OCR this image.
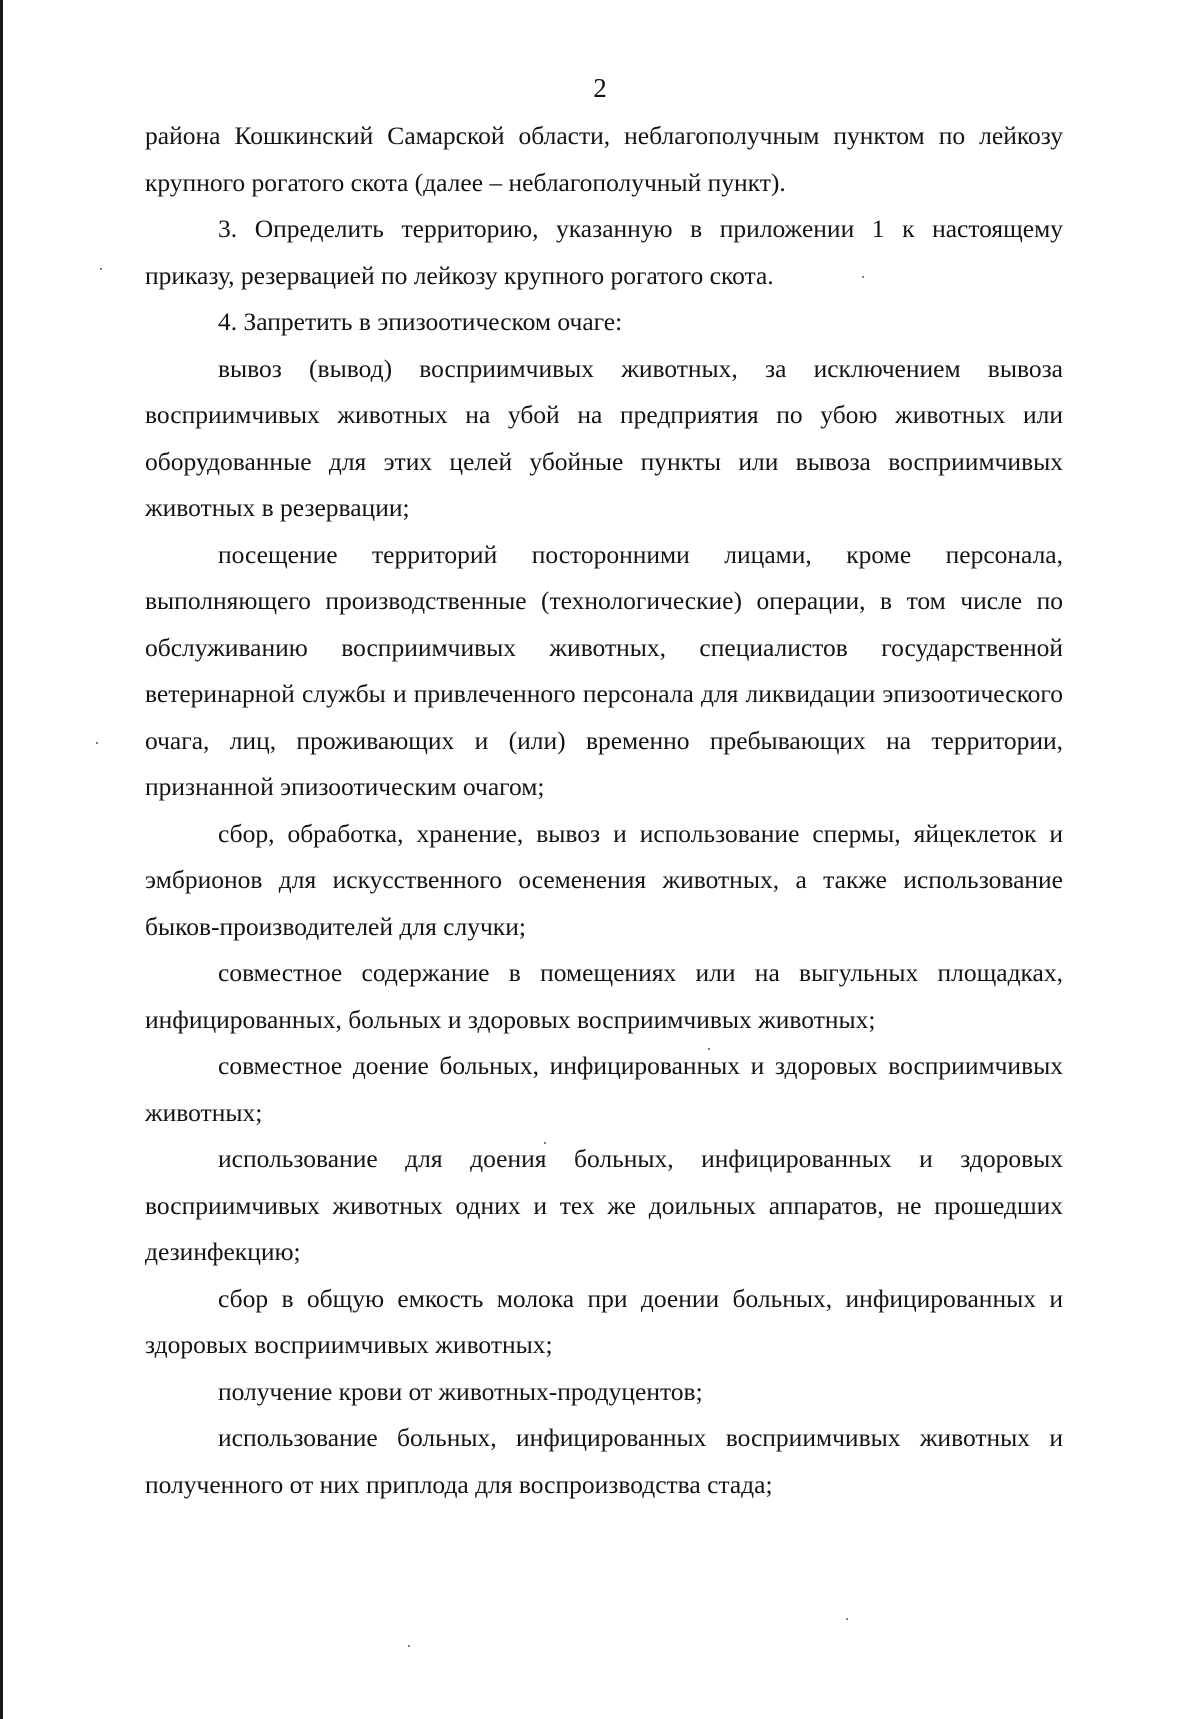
2

района Кошкинский Самарской области, неблагополучным пунктом по лейкозу крупного рогатого скота (далее – неблагополучный пункт).

3. Определить территорию, указанную в приложении 1 к настоящему приказу, резервацией по лейкозу крупного рогатого скота.

4. Запретить в эпизоотическом очаге:

вывоз (вывод) восприимчивых животных, за исключением вывоза восприимчивых животных на убой на предприятия по убою животных или оборудованные для этих целей убойные пункты или вывоза восприимчивых животных в резервации;

посещение территорий посторонними лицами, кроме персонала, выполняющего производственные (технологические) операции, в том числе по обслуживанию восприимчивых животных, специалистов государственной ветеринарной службы и привлеченного персонала для ликвидации эпизоотического очага, лиц, проживающих и (или) временно пребывающих на территории, признанной эпизоотическим очагом;

сбор, обработка, хранение, вывоз и использование спермы, яйцеклеток и эмбрионов для искусственного осеменения животных, а также использование быков-производителей для случки;

совместное содержание в помещениях или на выгульных площадках, инфицированных, больных и здоровых восприимчивых животных;

совместное доение больных, инфицированных и здоровых восприимчивых животных;

использование для доения больных, инфицированных и здоровых восприимчивых животных одних и тех же доильных аппаратов, не прошедших дезинфекцию;

сбор в общую емкость молока при доении больных, инфицированных и здоровых восприимчивых животных;

получение крови от животных-продуцентов;

использование больных, инфицированных восприимчивых животных и полученного от них приплода для воспроизводства стада;
